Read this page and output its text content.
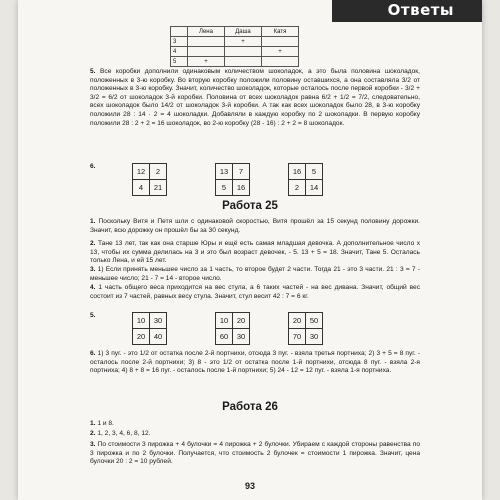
Ответы
	Лена	Даша	Катя
3		+	
4			+
5	+		
5. Все коробки дополнили одинаковым количеством шоколадок, а это была половина шоколадок, положенных в 3-ю коробку. Во вторую коробку положили половину оставшихся, а она составляла 3/2 от положенных в 3-ю коробку. Значит, количество шоколадок, которые осталось после первой коробки - 3/2 + 3/2 = 6/2 от шоколадок 3-й коробки. Половина от всех шоколадок равна 6/2 + 1/2 = 7/2, следовательно, всех шоколадок было 14/2 от шоколадок 3-й коробки. А так как всех шоколадок было 28, в 3-ю коробку положили 28 : 14 · 2 = 4 шоколадки. Добавляли в каждую коробку по 2 шоколадки. В первую коробку положили 28 : 2 + 2 = 16 шоколадок, во 2-ю коробку (28 - 16) : 2 + 2 = 8 шоколадок.
6.
12	2
4	21
13	7
5	16
16	5
2	14
Работа 25
1. Поскольку Витя и Петя шли с одинаковой скоростью, Витя прошёл за 15 секунд половину дорожки. Значит, всю дорожку он прошёл бы за 30 секунд.
2. Тане 13 лет, так как она старше Юры и ещё есть самая младшая девочка. А дополнительное число x 13, чтобы их сумма делилась на 3 и это был возраст девочек, - 5. 13 + 5 = 18. Значит, Тане 5. Осталась только Лена, и ей 15 лет.
3. 1) Если принять меньшее число за 1 часть, то второе будет 2 части. Тогда 21 - это 3 части. 21 : 3 = 7 - меньшее число; 21 - 7 = 14 - второе число.
4. 1 часть общего веса приходится на вес стула, а 6 таких частей - на вес дивана. Значит, общий вес состоит из 7 частей, равных весу стула. Значит, стул весит 42 : 7 = 6 кг.
5.
10	30
20	40
10	20
60	30
20	50
70	30
6. 1) 3 пуг. - это 1/2 от остатка после 2-й портнихи, отсюда 3 пуг. - взяла третья портниха; 2) 3 + 5 = 8 пуг. - осталось после 2-й портнихи; 3) 8 - это 1/2 от остатка после 1-й портнихи, отсюда 8 пуг. - взяла 2-я портниха; 4) 8 + 8 = 16 пуг. - осталось после 1-й портнихи; 5) 24 - 12 = 12 пуг. - взяла 1-я портниха.
Работа 26
1. 1 и 8.
2. 1, 2, 3, 4, 6, 8, 12.
3. По стоимости 3 пирожка + 4 булочки = 4 пирожка + 2 булочки. Убираем с каждой стороны равенства по 3 пирожка и по 2 булочки. Получается, что стоимость 2 булочек = стоимости 1 пирожка. Значит, цена булочки 20 : 2 = 10 рублей.
93
